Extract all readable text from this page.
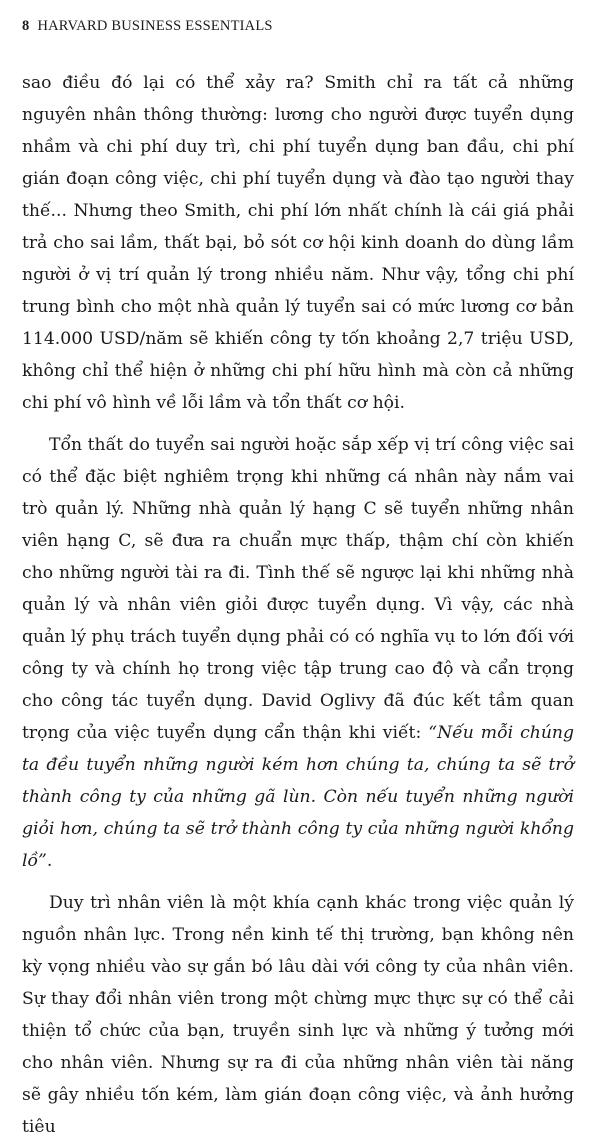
8 HARVARD BUSINESS ESSENTIALS

sao điều đó lại có thể xảy ra? Smith chỉ ra tất cả những nguyên nhân thông thường: lương cho người được tuyển dụng nhầm và chi phí duy trì, chi phí tuyển dụng ban đầu, chi phí gián đoạn công việc, chi phí tuyển dụng và đào tạo người thay thế... Nhưng theo Smith, chi phí lớn nhất chính là cái giá phải trả cho sai lầm, thất bại, bỏ sót cơ hội kinh doanh do dùng lầm người ở vị trí quản lý trong nhiều năm. Như vậy, tổng chi phí trung bình cho một nhà quản lý tuyển sai có mức lương cơ bản 114.000 USD/năm sẽ khiến công ty tốn khoảng 2,7 triệu USD, không chỉ thể hiện ở những chi phí hữu hình mà còn cả những chi phí vô hình về lỗi lầm và tổn thất cơ hội.

Tổn thất do tuyển sai người hoặc sắp xếp vị trí công việc sai có thể đặc biệt nghiêm trọng khi những cá nhân này nắm vai trò quản lý. Những nhà quản lý hạng C sẽ tuyển những nhân viên hạng C, sẽ đưa ra chuẩn mực thấp, thậm chí còn khiến cho những người tài ra đi. Tình thế sẽ ngược lại khi những nhà quản lý và nhân viên giỏi được tuyển dụng. Vì vậy, các nhà quản lý phụ trách tuyển dụng phải có có nghĩa vụ to lớn đối với công ty và chính họ trong việc tập trung cao độ và cẩn trọng cho công tác tuyển dụng. David Oglivy đã đúc kết tầm quan trọng của việc tuyển dụng cẩn thận khi viết: “Nếu mỗi chúng ta đều tuyển những người kém hơn chúng ta, chúng ta sẽ trở thành công ty của những gã lùn. Còn nếu tuyển những người giỏi hơn, chúng ta sẽ trở thành công ty của những người khổng lồ”.

Duy trì nhân viên là một khía cạnh khác trong việc quản lý nguồn nhân lực. Trong nền kinh tế thị trường, bạn không nên kỳ vọng nhiều vào sự gắn bó lâu dài với công ty của nhân viên. Sự thay đổi nhân viên trong một chừng mực thực sự có thể cải thiện tổ chức của bạn, truyền sinh lực và những ý tưởng mới cho nhân viên. Nhưng sự ra đi của những nhân viên tài năng sẽ gây nhiều tốn kém, làm gián đoạn công việc, và ảnh hưởng tiêu
